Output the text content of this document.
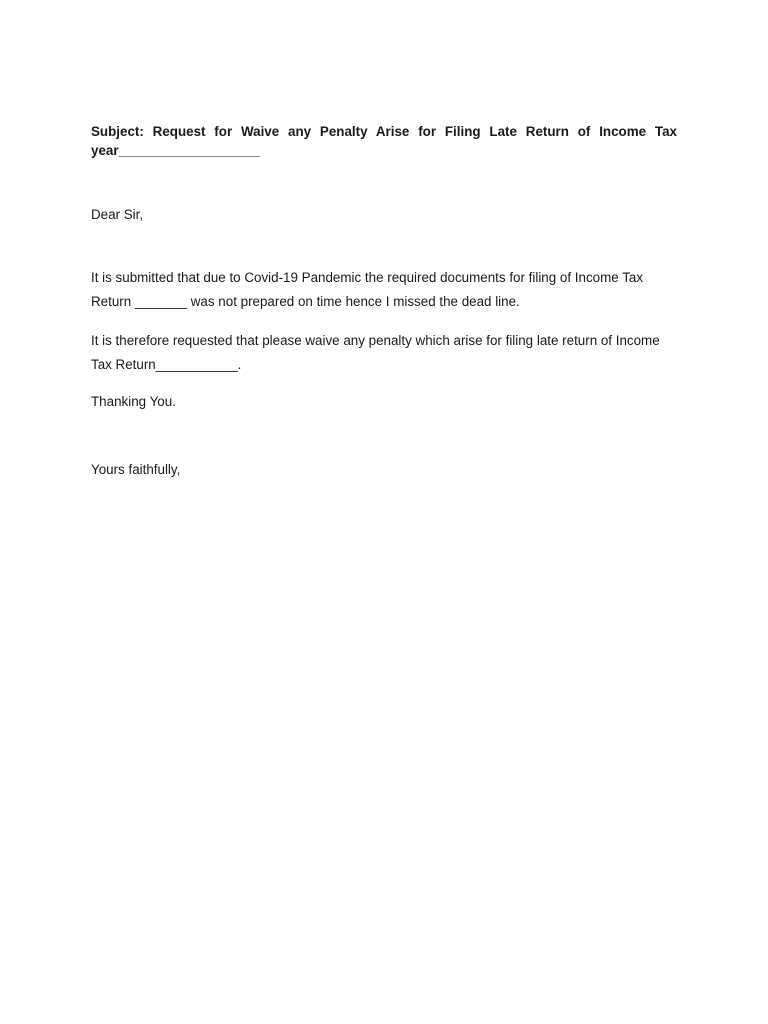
Subject: Request for Waive any Penalty Arise for Filing Late Return of Income Tax year___________________

Dear Sir,

It is submitted that due to Covid-19 Pandemic the required documents for filing of Income Tax Return _______ was not prepared on time hence I missed the dead line.

It is therefore requested that please waive any penalty which arise for filing late return of Income Tax Return___________.

Thanking You.

Yours faithfully,
